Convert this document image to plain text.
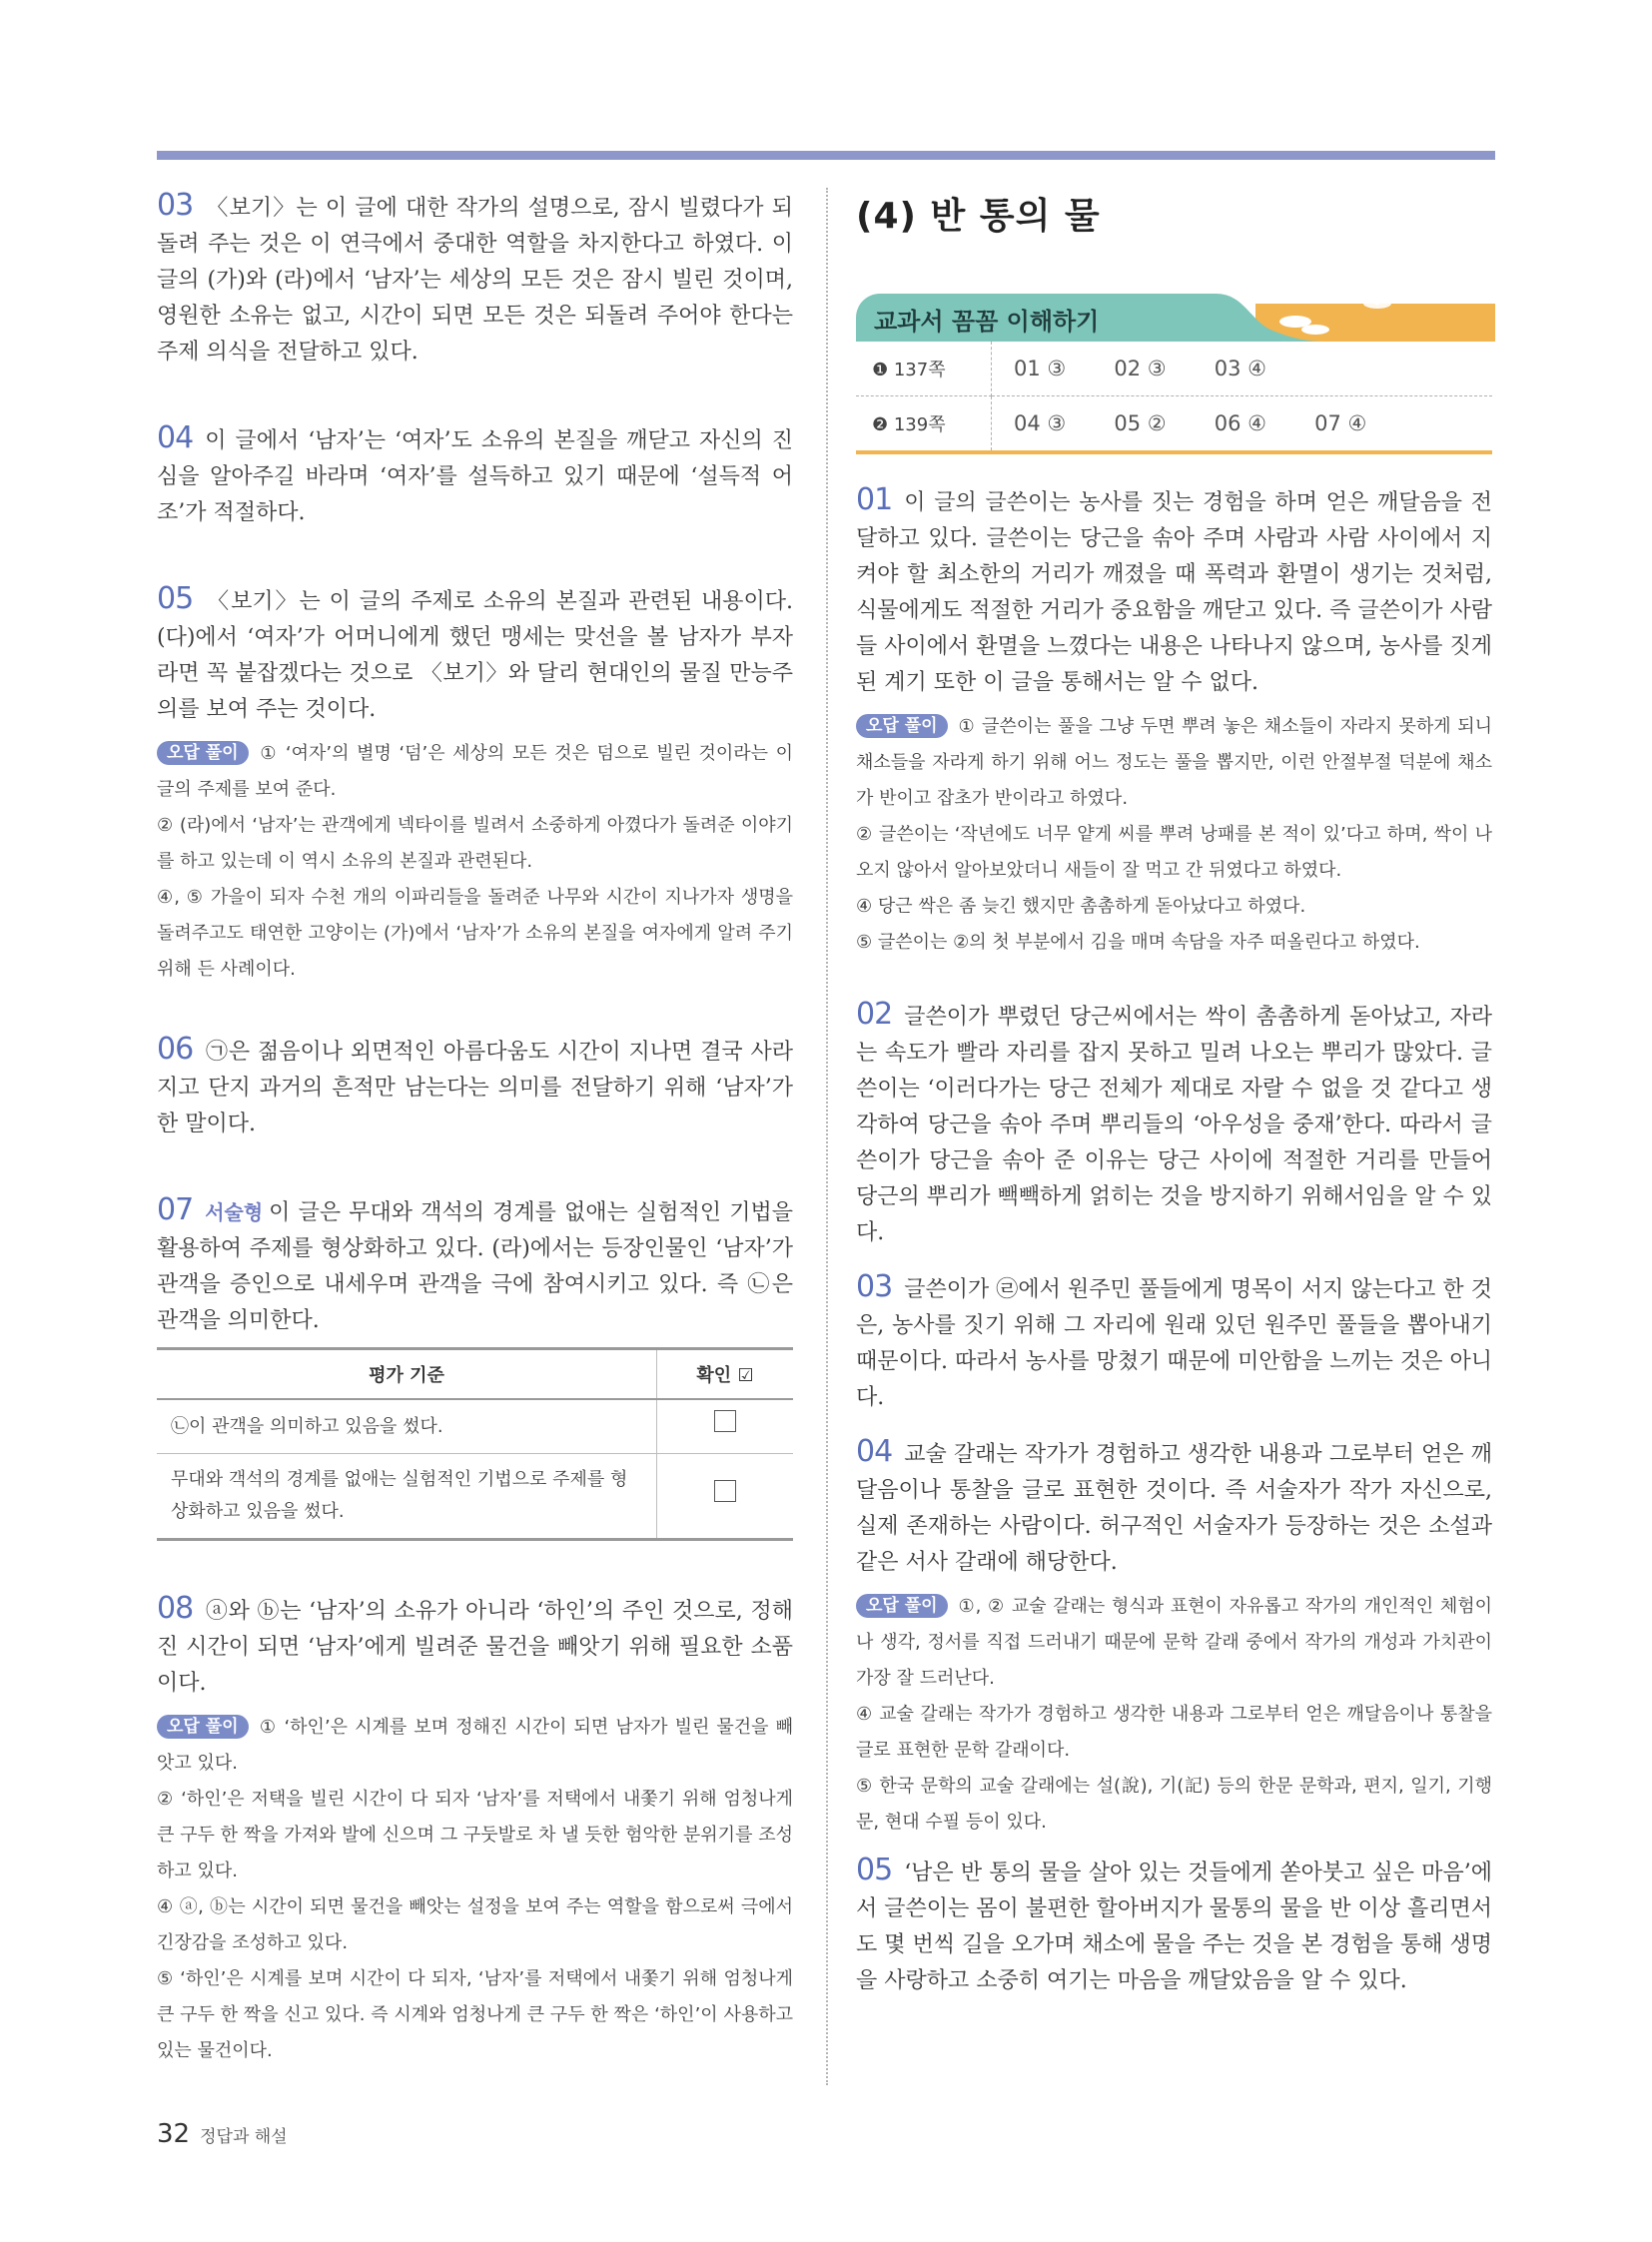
03 〈보기〉는 이 글에 대한 작가의 설명으로, 잠시 빌렸다가 되돌려 주는 것은 이 연극에서 중대한 역할을 차지한다고 하였다. 이 글의 (가)와 (라)에서 ‘남자’는 세상의 모든 것은 잠시 빌린 것이며, 영원한 소유는 없고, 시간이 되면 모든 것은 되돌려 주어야 한다는 주제 의식을 전달하고 있다.

04 이 글에서 ‘남자’는 ‘여자’도 소유의 본질을 깨닫고 자신의 진심을 알아주길 바라며 ‘여자’를 설득하고 있기 때문에 ‘설득적 어조’가 적절하다.

05 〈보기〉는 이 글의 주제로 소유의 본질과 관련된 내용이다. (다)에서 ‘여자’가 어머니에게 했던 맹세는 맞선을 볼 남자가 부자라면 꼭 붙잡겠다는 것으로 〈보기〉와 달리 현대인의 물질 만능주의를 보여 주는 것이다.

오답 풀이 ① ‘여자’의 별명 ‘덤’은 세상의 모든 것은 덤으로 빌린 것이라는 이 글의 주제를 보여 준다.

② (라)에서 ‘남자’는 관객에게 넥타이를 빌려서 소중하게 아꼈다가 돌려준 이야기를 하고 있는데 이 역시 소유의 본질과 관련된다.

④, ⑤ 가을이 되자 수천 개의 이파리들을 돌려준 나무와 시간이 지나가자 생명을 돌려주고도 태연한 고양이는 (가)에서 ‘남자’가 소유의 본질을 여자에게 알려 주기 위해 든 사례이다.

06 ㉠은 젊음이나 외면적인 아름다움도 시간이 지나면 결국 사라지고 단지 과거의 흔적만 남는다는 의미를 전달하기 위해 ‘남자’가 한 말이다.

07 서술형 이 글은 무대와 객석의 경계를 없애는 실험적인 기법을 활용하여 주제를 형상화하고 있다. (라)에서는 등장인물인 ‘남자’가 관객을 증인으로 내세우며 관객을 극에 참여시키고 있다. 즉 ㉡은 관객을 의미한다.

평가 기준	확인 ☑
㉡이 관객을 의미하고 있음을 썼다.	
무대와 객석의 경계를 없애는 실험적인 기법으로 주제를 형상화하고 있음을 썼다.	

08 ⓐ와 ⓑ는 ‘남자’의 소유가 아니라 ‘하인’의 주인 것으로, 정해진 시간이 되면 ‘남자’에게 빌려준 물건을 빼앗기 위해 필요한 소품이다.

오답 풀이 ① ‘하인’은 시계를 보며 정해진 시간이 되면 남자가 빌린 물건을 빼앗고 있다.

② ‘하인’은 저택을 빌린 시간이 다 되자 ‘남자’를 저택에서 내쫓기 위해 엄청나게 큰 구두 한 짝을 가져와 발에 신으며 그 구둣발로 차 낼 듯한 험악한 분위기를 조성하고 있다.

④ ⓐ, ⓑ는 시간이 되면 물건을 빼앗는 설정을 보여 주는 역할을 함으로써 극에서 긴장감을 조성하고 있다.

⑤ ‘하인’은 시계를 보며 시간이 다 되자, ‘남자’를 저택에서 내쫓기 위해 엄청나게 큰 구두 한 짝을 신고 있다. 즉 시계와 엄청나게 큰 구두 한 짝은 ‘하인’이 사용하고 있는 물건이다.

(4) 반 통의 물
교과서 꼼꼼 이해하기
❶ 137쪽	01 ③ 02 ③ 03 ④
❷ 139쪽	04 ③ 05 ② 06 ④ 07 ④

01 이 글의 글쓴이는 농사를 짓는 경험을 하며 얻은 깨달음을 전달하고 있다. 글쓴이는 당근을 솎아 주며 사람과 사람 사이에서 지켜야 할 최소한의 거리가 깨졌을 때 폭력과 환멸이 생기는 것처럼, 식물에게도 적절한 거리가 중요함을 깨닫고 있다. 즉 글쓴이가 사람들 사이에서 환멸을 느꼈다는 내용은 나타나지 않으며, 농사를 짓게 된 계기 또한 이 글을 통해서는 알 수 없다.

오답 풀이 ① 글쓴이는 풀을 그냥 두면 뿌려 놓은 채소들이 자라지 못하게 되니 채소들을 자라게 하기 위해 어느 정도는 풀을 뽑지만, 이런 안절부절 덕분에 채소가 반이고 잡초가 반이라고 하였다.

② 글쓴이는 ‘작년에도 너무 얕게 씨를 뿌려 낭패를 본 적이 있’다고 하며, 싹이 나오지 않아서 알아보았더니 새들이 잘 먹고 간 뒤였다고 하였다.

④ 당근 싹은 좀 늦긴 했지만 촘촘하게 돋아났다고 하였다.

⑤ 글쓴이는 ②의 첫 부분에서 김을 매며 속담을 자주 떠올린다고 하였다.

02 글쓴이가 뿌렸던 당근씨에서는 싹이 촘촘하게 돋아났고, 자라는 속도가 빨라 자리를 잡지 못하고 밀려 나오는 뿌리가 많았다. 글쓴이는 ‘이러다가는 당근 전체가 제대로 자랄 수 없을 것 같다고 생각하여 당근을 솎아 주며 뿌리들의 ‘아우성을 중재’한다. 따라서 글쓴이가 당근을 솎아 준 이유는 당근 사이에 적절한 거리를 만들어 당근의 뿌리가 빽빽하게 얽히는 것을 방지하기 위해서임을 알 수 있다.

03 글쓴이가 ㉣에서 원주민 풀들에게 명목이 서지 않는다고 한 것은, 농사를 짓기 위해 그 자리에 원래 있던 원주민 풀들을 뽑아내기 때문이다. 따라서 농사를 망쳤기 때문에 미안함을 느끼는 것은 아니다.

04 교술 갈래는 작가가 경험하고 생각한 내용과 그로부터 얻은 깨달음이나 통찰을 글로 표현한 것이다. 즉 서술자가 작가 자신으로, 실제 존재하는 사람이다. 허구적인 서술자가 등장하는 것은 소설과 같은 서사 갈래에 해당한다.

오답 풀이 ①, ② 교술 갈래는 형식과 표현이 자유롭고 작가의 개인적인 체험이나 생각, 정서를 직접 드러내기 때문에 문학 갈래 중에서 작가의 개성과 가치관이 가장 잘 드러난다.

④ 교술 갈래는 작가가 경험하고 생각한 내용과 그로부터 얻은 깨달음이나 통찰을 글로 표현한 문학 갈래이다.

⑤ 한국 문학의 교술 갈래에는 설(說), 기(記) 등의 한문 문학과, 편지, 일기, 기행문, 현대 수필 등이 있다.

05 ‘남은 반 통의 물을 살아 있는 것들에게 쏟아붓고 싶은 마음’에서 글쓴이는 몸이 불편한 할아버지가 물통의 물을 반 이상 흘리면서도 몇 번씩 길을 오가며 채소에 물을 주는 것을 본 경험을 통해 생명을 사랑하고 소중히 여기는 마음을 깨달았음을 알 수 있다.

32 정답과 해설
